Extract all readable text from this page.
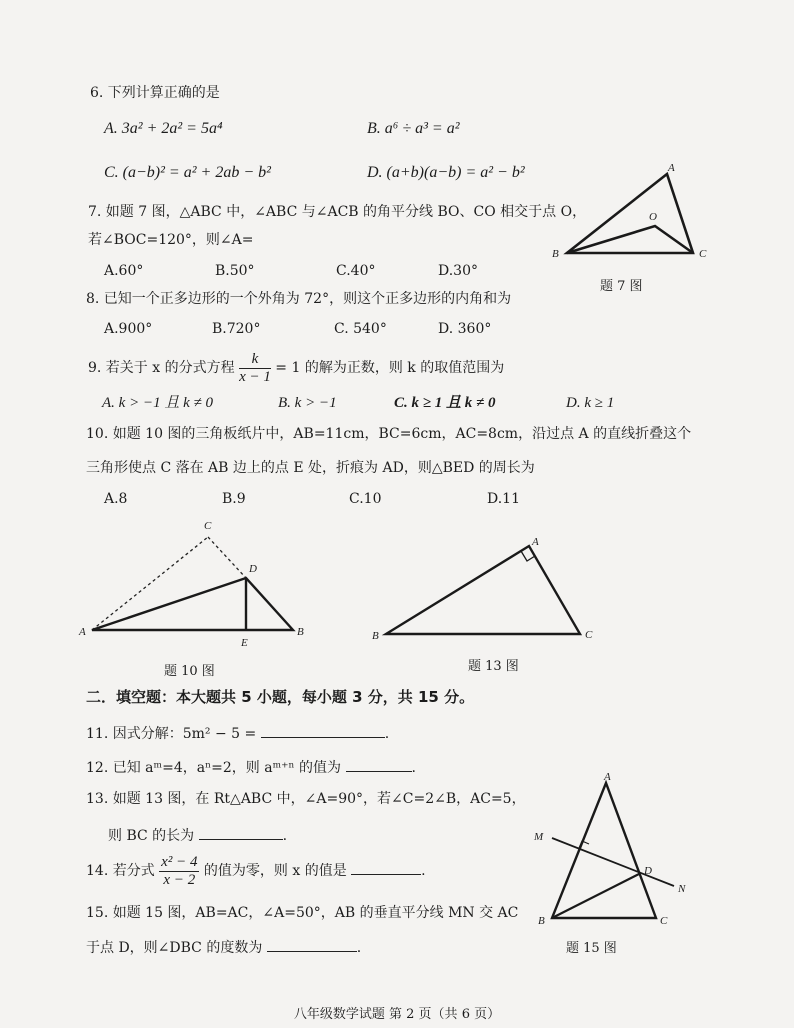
6. 下列计算正确的是
A. 3a² + 2a² = 5a⁴	B. a⁶ ÷ a³ = a²
C. (a−b)² = a² + 2ab − b²	D. (a+b)(a−b) = a² − b²
7. 如题 7 图，△ABC 中，∠ABC 与∠ACB 的角平分线 BO、CO 相交于点 O，
若∠BOC=120°，则∠A=
A.60°	B.50°	C.40°	D.30°
A
B	C
O
题 7 图
8. 已知一个正多边形的一个外角为 72°，则这个正多边形的内角和为
A.900°	B.720°	C. 540°	D. 360°
9. 若关于 x 的分式方程 $\frac{k}{x - 1} = 1$ 的解为正数，则 k 的取值范围为
A. k > −1 且 k ≠ 0	B. k > −1	C. k ≥ 1 且 k ≠ 0	D. k ≥ 1
10. 如题 10 图的三角板纸片中，AB=11cm，BC=6cm，AC=8cm，沿过点 A 的直线折叠这个
三角形使点 C 落在 AB 边上的点 E 处，折痕为 AD，则△BED 的周长为
A.8	B.9	C.10	D.11
C
D
A
E
B
题 10 图
A
B	C
题 13 图
二．填空题：本大题共 5 小题，每小题 3 分，共 15 分。
11. 因式分解：5m² − 5 =	.
12. 已知 aᵐ=4，aⁿ=2，则 aᵐ⁺ⁿ 的值为	.
13. 如题 13 图，在 Rt△ABC 中，∠A=90°，若∠C=2∠B，AC=5，
则 BC 的长为	.
14. 若分式 $\frac{\text{x² − 4}}{x - 2}$ 的值为零，则 x 的值是	.
15. 如题 15 图，AB=AC，∠A=50°，AB 的垂直平分线 MN 交 AC
于点 D，则∠DBC 的度数为	.
A
M
D
N
B	C
题 15 图
八年级数学试题 第 2 页（共 6 页）
